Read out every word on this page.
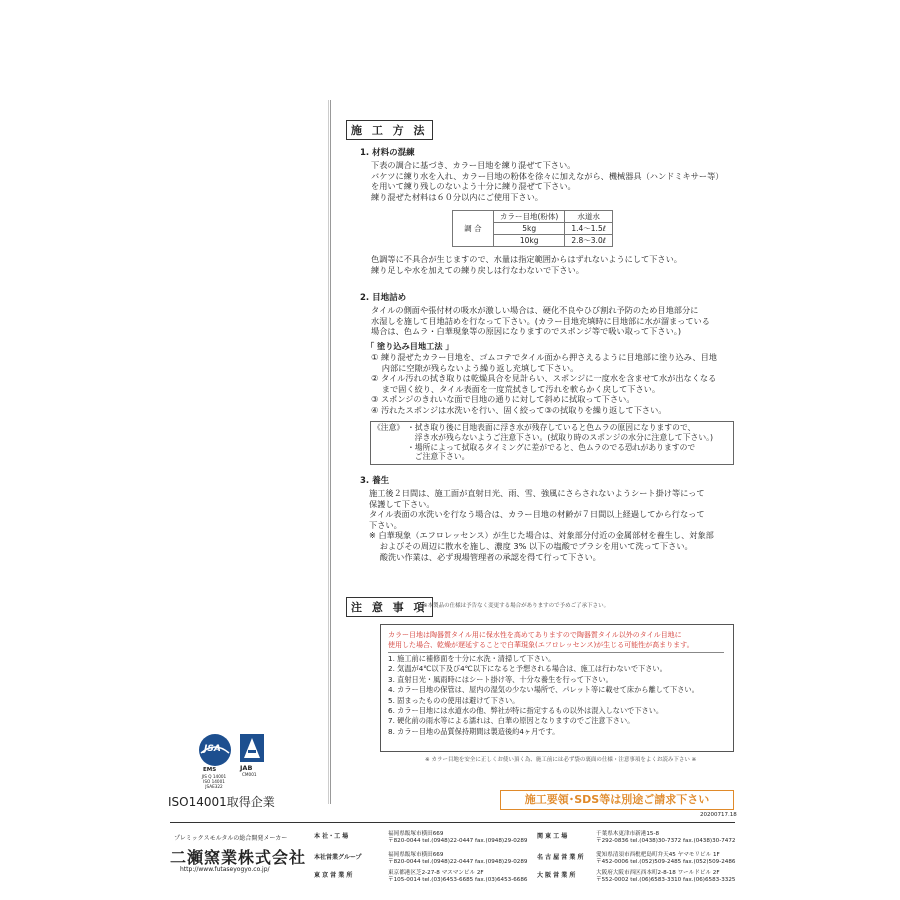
施 工 方 法
1. 材料の混練
下表の調合に基づき、カラー目地を練り混ぜて下さい。
バケツに練り水を入れ、カラー目地の粉体を徐々に加えながら、機械器具（ハンドミキサー等）
を用いて練り残しのないよう十分に練り混ぜて下さい。
練り混ぜた材料は６０分以内にご使用下さい。
調 合	カラー目地(粉体)	水道水
	5kg	1.4～1.5ℓ
	10kg	2.8～3.0ℓ
色調等に不具合が生じますので、水量は指定範囲からはずれないようにして下さい。
練り足しや水を加えての練り戻しは行なわないで下さい。
2. 目地詰め
タイルの側面や張付材の吸水が激しい場合は、硬化不良やひび割れ予防のため目地部分に
水湿しを施して目地詰めを行なって下さい。(カラー目地充填時に目地部に水が溜まっている
場合は、色ムラ・白華現象等の原因になりますのでスポンジ等で吸い取って下さい。)
「 塗り込み目地工法 」
① 練り混ぜたカラー目地を、ゴムコテでタイル面から押さえるように目地部に塗り込み、目地
　 内部に空隙が残らないよう繰り返し充填して下さい。
② タイル汚れの拭き取りは乾燥具合を見計らい、スポンジに一度水を含ませて水が出なくなる
　 まで固く絞り、タイル表面を一度荒拭きして汚れを軟らかく戻して下さい。
③ スポンジのきれいな面で目地の通りに対して斜めに拭取って下さい。
④ 汚れたスポンジは水洗いを行い、固く絞って③の拭取りを繰り返して下さい。
《注意》 ・拭き取り後に目地表面に浮き水が残存していると色ムラの原因になりますので、
　浮き水が残らないようご注意下さい。(拭取り時のスポンジの水分に注意して下さい。)
・場所によって拭取るタイミングに差がでると、色ムラのでる恐れがありますので
　ご注意下さい。
3. 養生
施工後２日間は、施工面が直射日光、雨、雪、強風にさらされないようシート掛け等にって
保護して下さい。
タイル表面の水洗いを行なう場合は、カラー目地の材齢が７日間以上経過してから行なって
下さい。
※ 白華現象（エフロレッセンス）が生じた場合は、対象部分付近の金属部材を養生し、対象部
　 およびその周辺に散水を施し、濃度 3% 以下の塩酸でブラシを用いて洗って下さい。
　 酸洗い作業は、必ず現場管理者の承認を得て行って下さい。
注 意 事 項
※本製品の仕様は予告なく変更する場合がありますので予めご了承下さい。
カラー目地は陶器質タイル用に保水性を高めてありますので陶器質タイル以外のタイル目地に
使用した場合、乾燥が遅延することで白華現象(エフロレッセンス)が生じる可能性が高まります。
1. 施工前に補修面を十分に水洗・清掃して下さい。
2. 気温が4℃以下及び4℃以下になると予想される場合は、施工は行わないで下さい。
3. 直射日光・風雨時にはシート掛け等、十分な養生を行って下さい。
4. カラー目地の保管は、屋内の湿気の少ない場所で、パレット等に載せて床から離して下さい。
5. 固まったものの使用は避けて下さい。
6. カラー目地には水道水の他、弊社が特に指定するもの以外は混入しないで下さい。
7. 硬化前の雨水等による濡れは、白華の原因となりますのでご注意下さい。
8. カラー目地の品質保持期間は製造後約4ヶ月です。
※ カラー目地を安全に正しくお使い頂く為、施工前には必ず袋の裏面の仕様・注意事項をよくお読み下さい ※
JSA
EMS
JIS Q 14001
ISO 14001
JSAE322
JAB
CM001
ISO14001取得企業	施工要領･SDS等は別途ご請求下さい
20200717.18
プレミックスモルタルの総合開発メーカー
二瀬窯業株式会社
http://www.futaseyogyo.co.jp/
本 社・工 場	福岡県飯塚市横田669
〒820-0044 tel.(0948)22-0447 fax.(0948)29-0289
本社営業グループ	福岡県飯塚市横田669
〒820-0044 tel.(0948)22-0447 fax.(0948)29-0289
東 京 営 業 所	東京都港区芝2-27-8 マスマンビル 2F
〒105-0014 tel.(03)6453-6685 fax.(03)6453-6686
関 東 工 場	千葉県木更津市新港15-8
〒292-0836 tel.(0438)30-7372 fax.(0438)30-7472
名 古 屋 営 業 所 愛知県清須市西枇杷島町弁天45 ヤマモリビル 1F
〒452-0006 tel.(052)509-2485 fax.(052)509-2486
大 阪 営 業 所	大阪府大阪市西区西本町2-8-18 ワールドビル 2F
〒552-0002 tel.(06)6583-3310 fax.(06)6583-3325
